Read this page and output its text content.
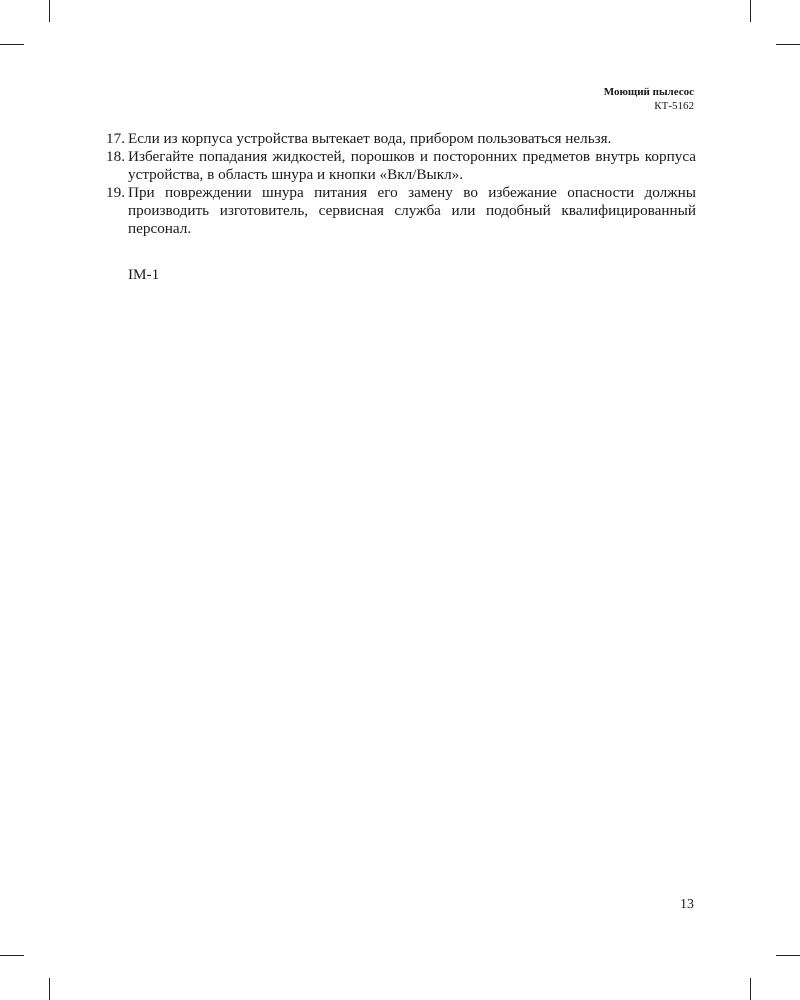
Моющий пылесос
КТ-5162
17. Если из корпуса устройства вытекает вода, прибором пользоваться нельзя.
18. Избегайте попадания жидкостей, порошков и посторонних предметов внутрь корпуса устройства, в область шнура и кнопки «Вкл/Выкл».
19. При повреждении шнура питания его замену во избежание опасности должны производить изготовитель, сервисная служба или подобный квалифицированный персонал.
IM-1
13
